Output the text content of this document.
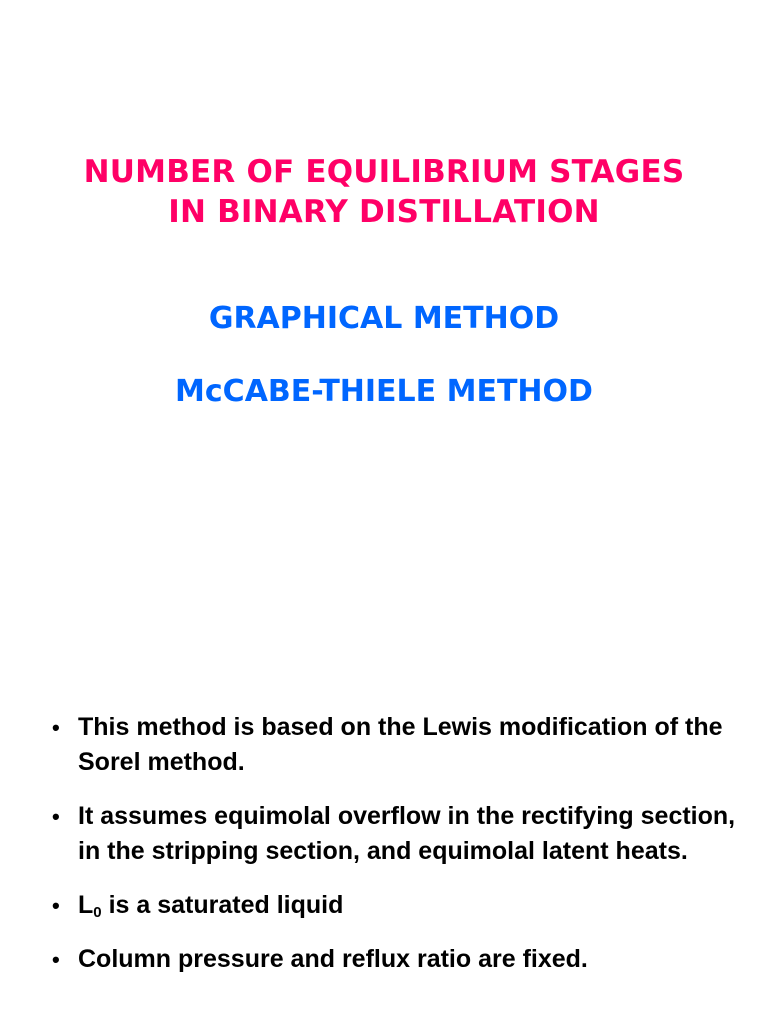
NUMBER OF EQUILIBRIUM STAGES
IN BINARY DISTILLATION
GRAPHICAL METHOD
McCABE-THIELE METHOD
• This method is based on the Lewis modification of the Sorel method.
• It assumes equimolal overflow in the rectifying section, in the stripping section, and equimolal latent heats.
• $L_0$ is a saturated liquid
• Column pressure and reflux ratio are fixed.
